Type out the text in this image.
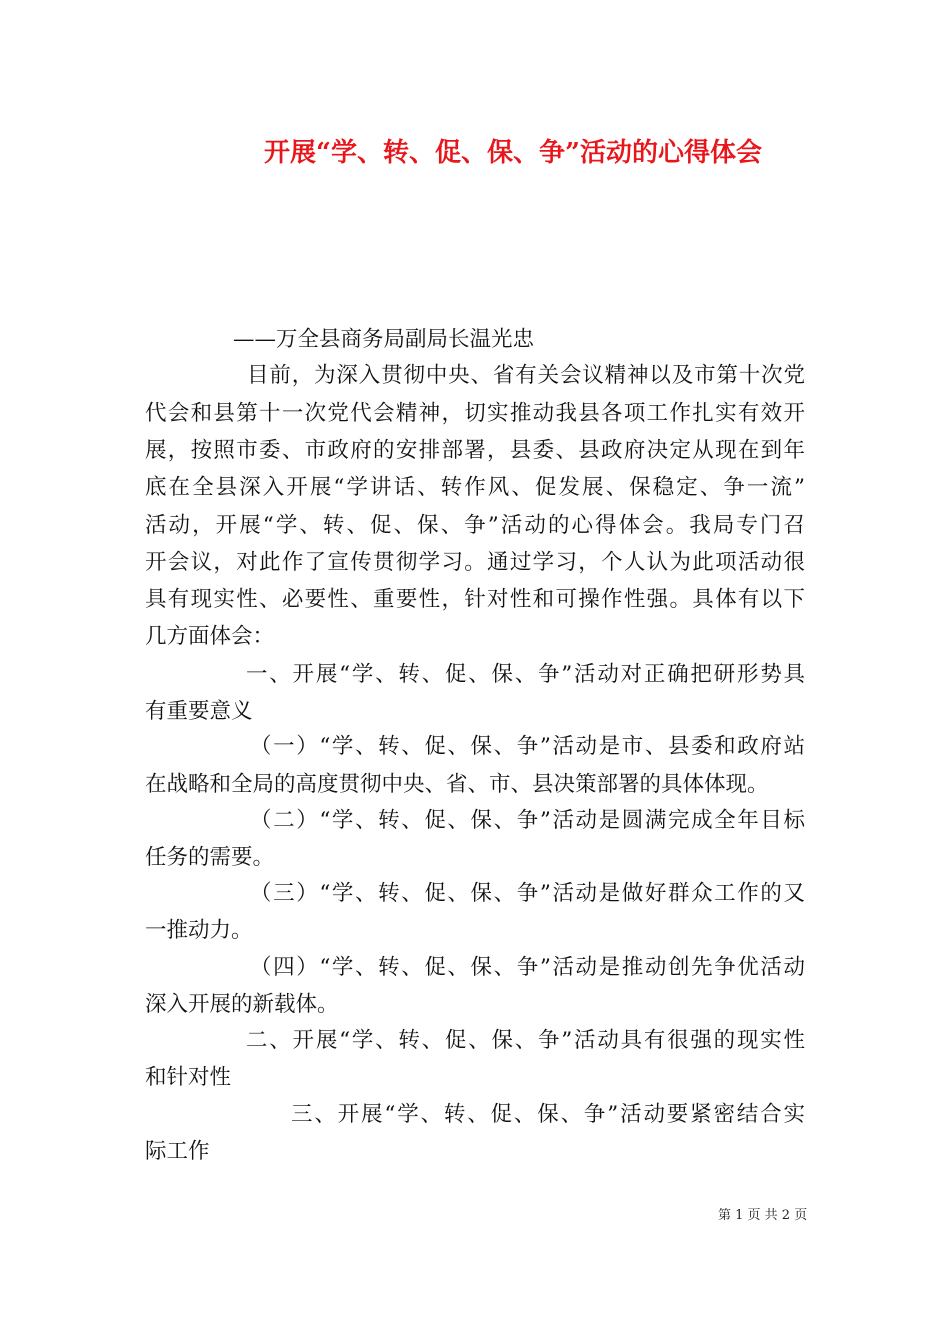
开展“学、转、促、保、争”活动的心得体会
——万全县商务局副局长温光忠
目前，为深入贯彻中央、省有关会议精神以及市第十次党
代会和县第十一次党代会精神，切实推动我县各项工作扎实有效开
展，按照市委、市政府的安排部署，县委、县政府决定从现在到年
底在全县深入开展“学讲话、转作风、促发展、保稳定、争一流”
活动，开展“学、转、促、保、争”活动的心得体会。我局专门召
开会议，对此作了宣传贯彻学习。通过学习，个人认为此项活动很
具有现实性、必要性、重要性，针对性和可操作性强。具体有以下
几方面体会：
一、开展“学、转、促、保、争”活动对正确把研形势具
有重要意义
（一）“学、转、促、保、争”活动是市、县委和政府站
在战略和全局的高度贯彻中央、省、市、县决策部署的具体体现。
（二）“学、转、促、保、争”活动是圆满完成全年目标
任务的需要。
（三）“学、转、促、保、争”活动是做好群众工作的又
一推动力。
（四）“学、转、促、保、争”活动是推动创先争优活动
深入开展的新载体。
二、开展“学、转、促、保、争”活动具有很强的现实性
和针对性
三、开展“学、转、促、保、争”活动要紧密结合实
际工作
第 1 页 共 2 页
